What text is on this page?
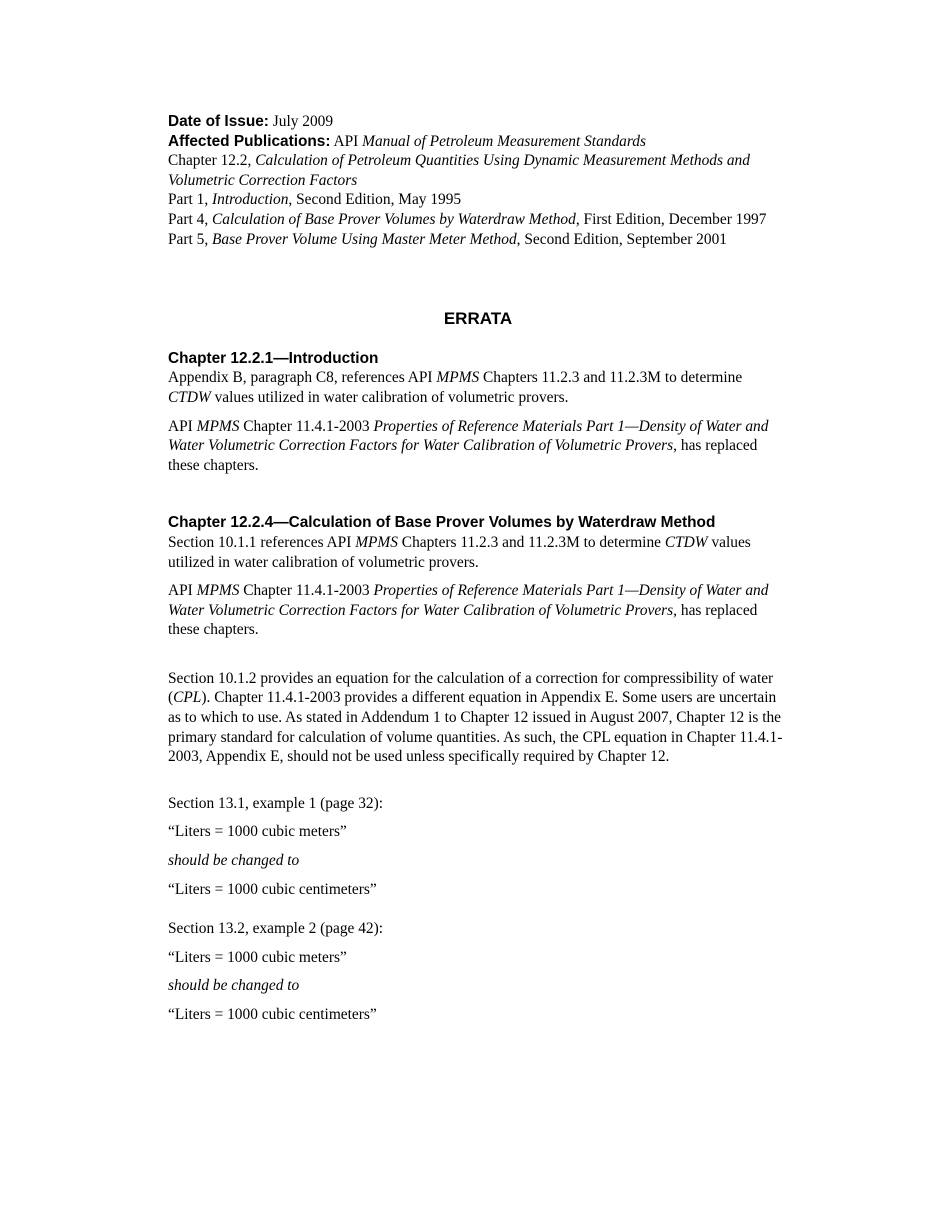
Date of Issue: July 2009

Affected Publications: API Manual of Petroleum Measurement Standards

Chapter 12.2, Calculation of Petroleum Quantities Using Dynamic Measurement Methods and Volumetric Correction Factors

Part 1, Introduction, Second Edition, May 1995

Part 4, Calculation of Base Prover Volumes by Waterdraw Method, First Edition, December 1997

Part 5, Base Prover Volume Using Master Meter Method, Second Edition, September 2001

ERRATA

Chapter 12.2.1—Introduction

Appendix B, paragraph C8, references API MPMS Chapters 11.2.3 and 11.2.3M to determine CTDW values utilized in water calibration of volumetric provers.

API MPMS Chapter 11.4.1-2003 Properties of Reference Materials Part 1—Density of Water and Water Volumetric Correction Factors for Water Calibration of Volumetric Provers, has replaced these chapters.

Chapter 12.2.4—Calculation of Base Prover Volumes by Waterdraw Method

Section 10.1.1 references API MPMS Chapters 11.2.3 and 11.2.3M to determine CTDW values utilized in water calibration of volumetric provers.

API MPMS Chapter 11.4.1-2003 Properties of Reference Materials Part 1—Density of Water and Water Volumetric Correction Factors for Water Calibration of Volumetric Provers, has replaced these chapters.

Section 10.1.2 provides an equation for the calculation of a correction for compressibility of water (CPL). Chapter 11.4.1-2003 provides a different equation in Appendix E. Some users are uncertain as to which to use. As stated in Addendum 1 to Chapter 12 issued in August 2007, Chapter 12 is the primary standard for calculation of volume quantities. As such, the CPL equation in Chapter 11.4.1-2003, Appendix E, should not be used unless specifically required by Chapter 12.

Section 13.1, example 1 (page 32):

“Liters = 1000 cubic meters”

should be changed to

“Liters = 1000 cubic centimeters”

Section 13.2, example 2 (page 42):

“Liters = 1000 cubic meters”

should be changed to

“Liters = 1000 cubic centimeters”
